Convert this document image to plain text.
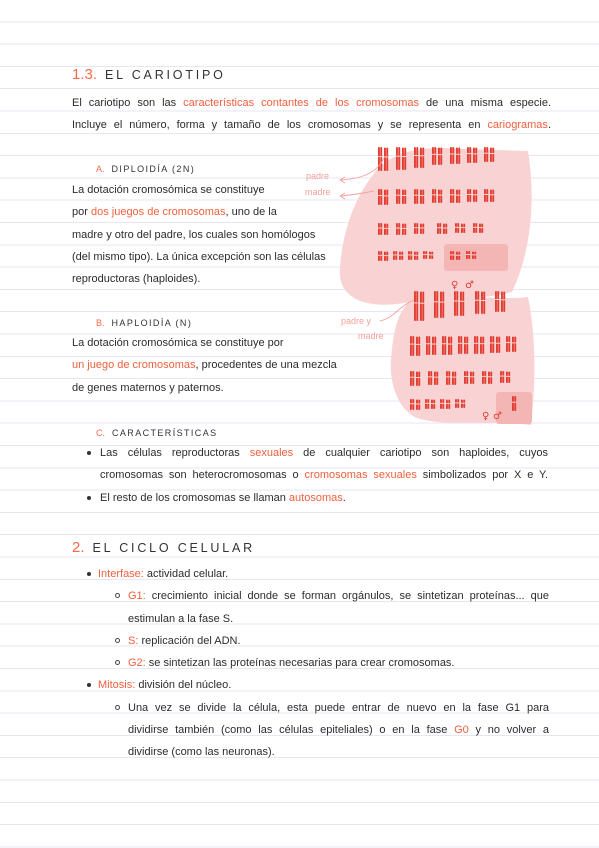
♀ ♂
♀ ♂
padre
madre
padre y
madre
1.3. EL CARIOTIPO
El cariotipo son las características contantes de los cromosomas de una misma especie.
Incluye el número, forma y tamaño de los cromosomas y se representa en cariogramas.
A. DIPLOIDÍA (2N)
La dotación cromosómica se constituye
por dos juegos de cromosomas, uno de la
madre y otro del padre, los cuales son homólogos
(del mismo tipo). La única excepción son las células
reproductoras (haploides).
B. HAPLOIDÍA (N)
La dotación cromosómica se constituye por
un juego de cromosomas, procedentes de una mezcla
de genes maternos y paternos.
C. CARACTERÍSTICAS
Las células reproductoras sexuales de cualquier cariotipo son haploides, cuyos
cromosomas son heterocromosomas o cromosomas sexuales simbolizados por X e Y.
El resto de los cromosomas se llaman autosomas.
2. EL CICLO CELULAR
Interfase: actividad celular.
G1: crecimiento inicial donde se forman orgánulos, se sintetizan proteínas... que
estimulan a la fase S.
S: replicación del ADN.
G2: se sintetizan las proteínas necesarias para crear cromosomas.
Mitosis: división del núcleo.
Una vez se divide la célula, esta puede entrar de nuevo en la fase G1 para
dividirse también (como las células epiteliales) o en la fase G0 y no volver a
dividirse (como las neuronas).
